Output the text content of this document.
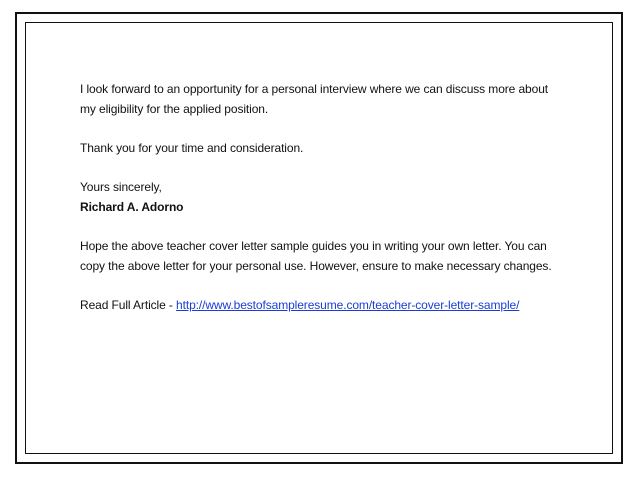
I look forward to an opportunity for a personal interview where we can discuss more about my eligibility for the applied position.

Thank you for your time and consideration.

Yours sincerely,
Richard A. Adorno

Hope the above teacher cover letter sample guides you in writing your own letter. You can copy the above letter for your personal use. However, ensure to make necessary changes.

Read Full Article - http://www.bestofsampleresume.com/teacher-cover-letter-sample/
